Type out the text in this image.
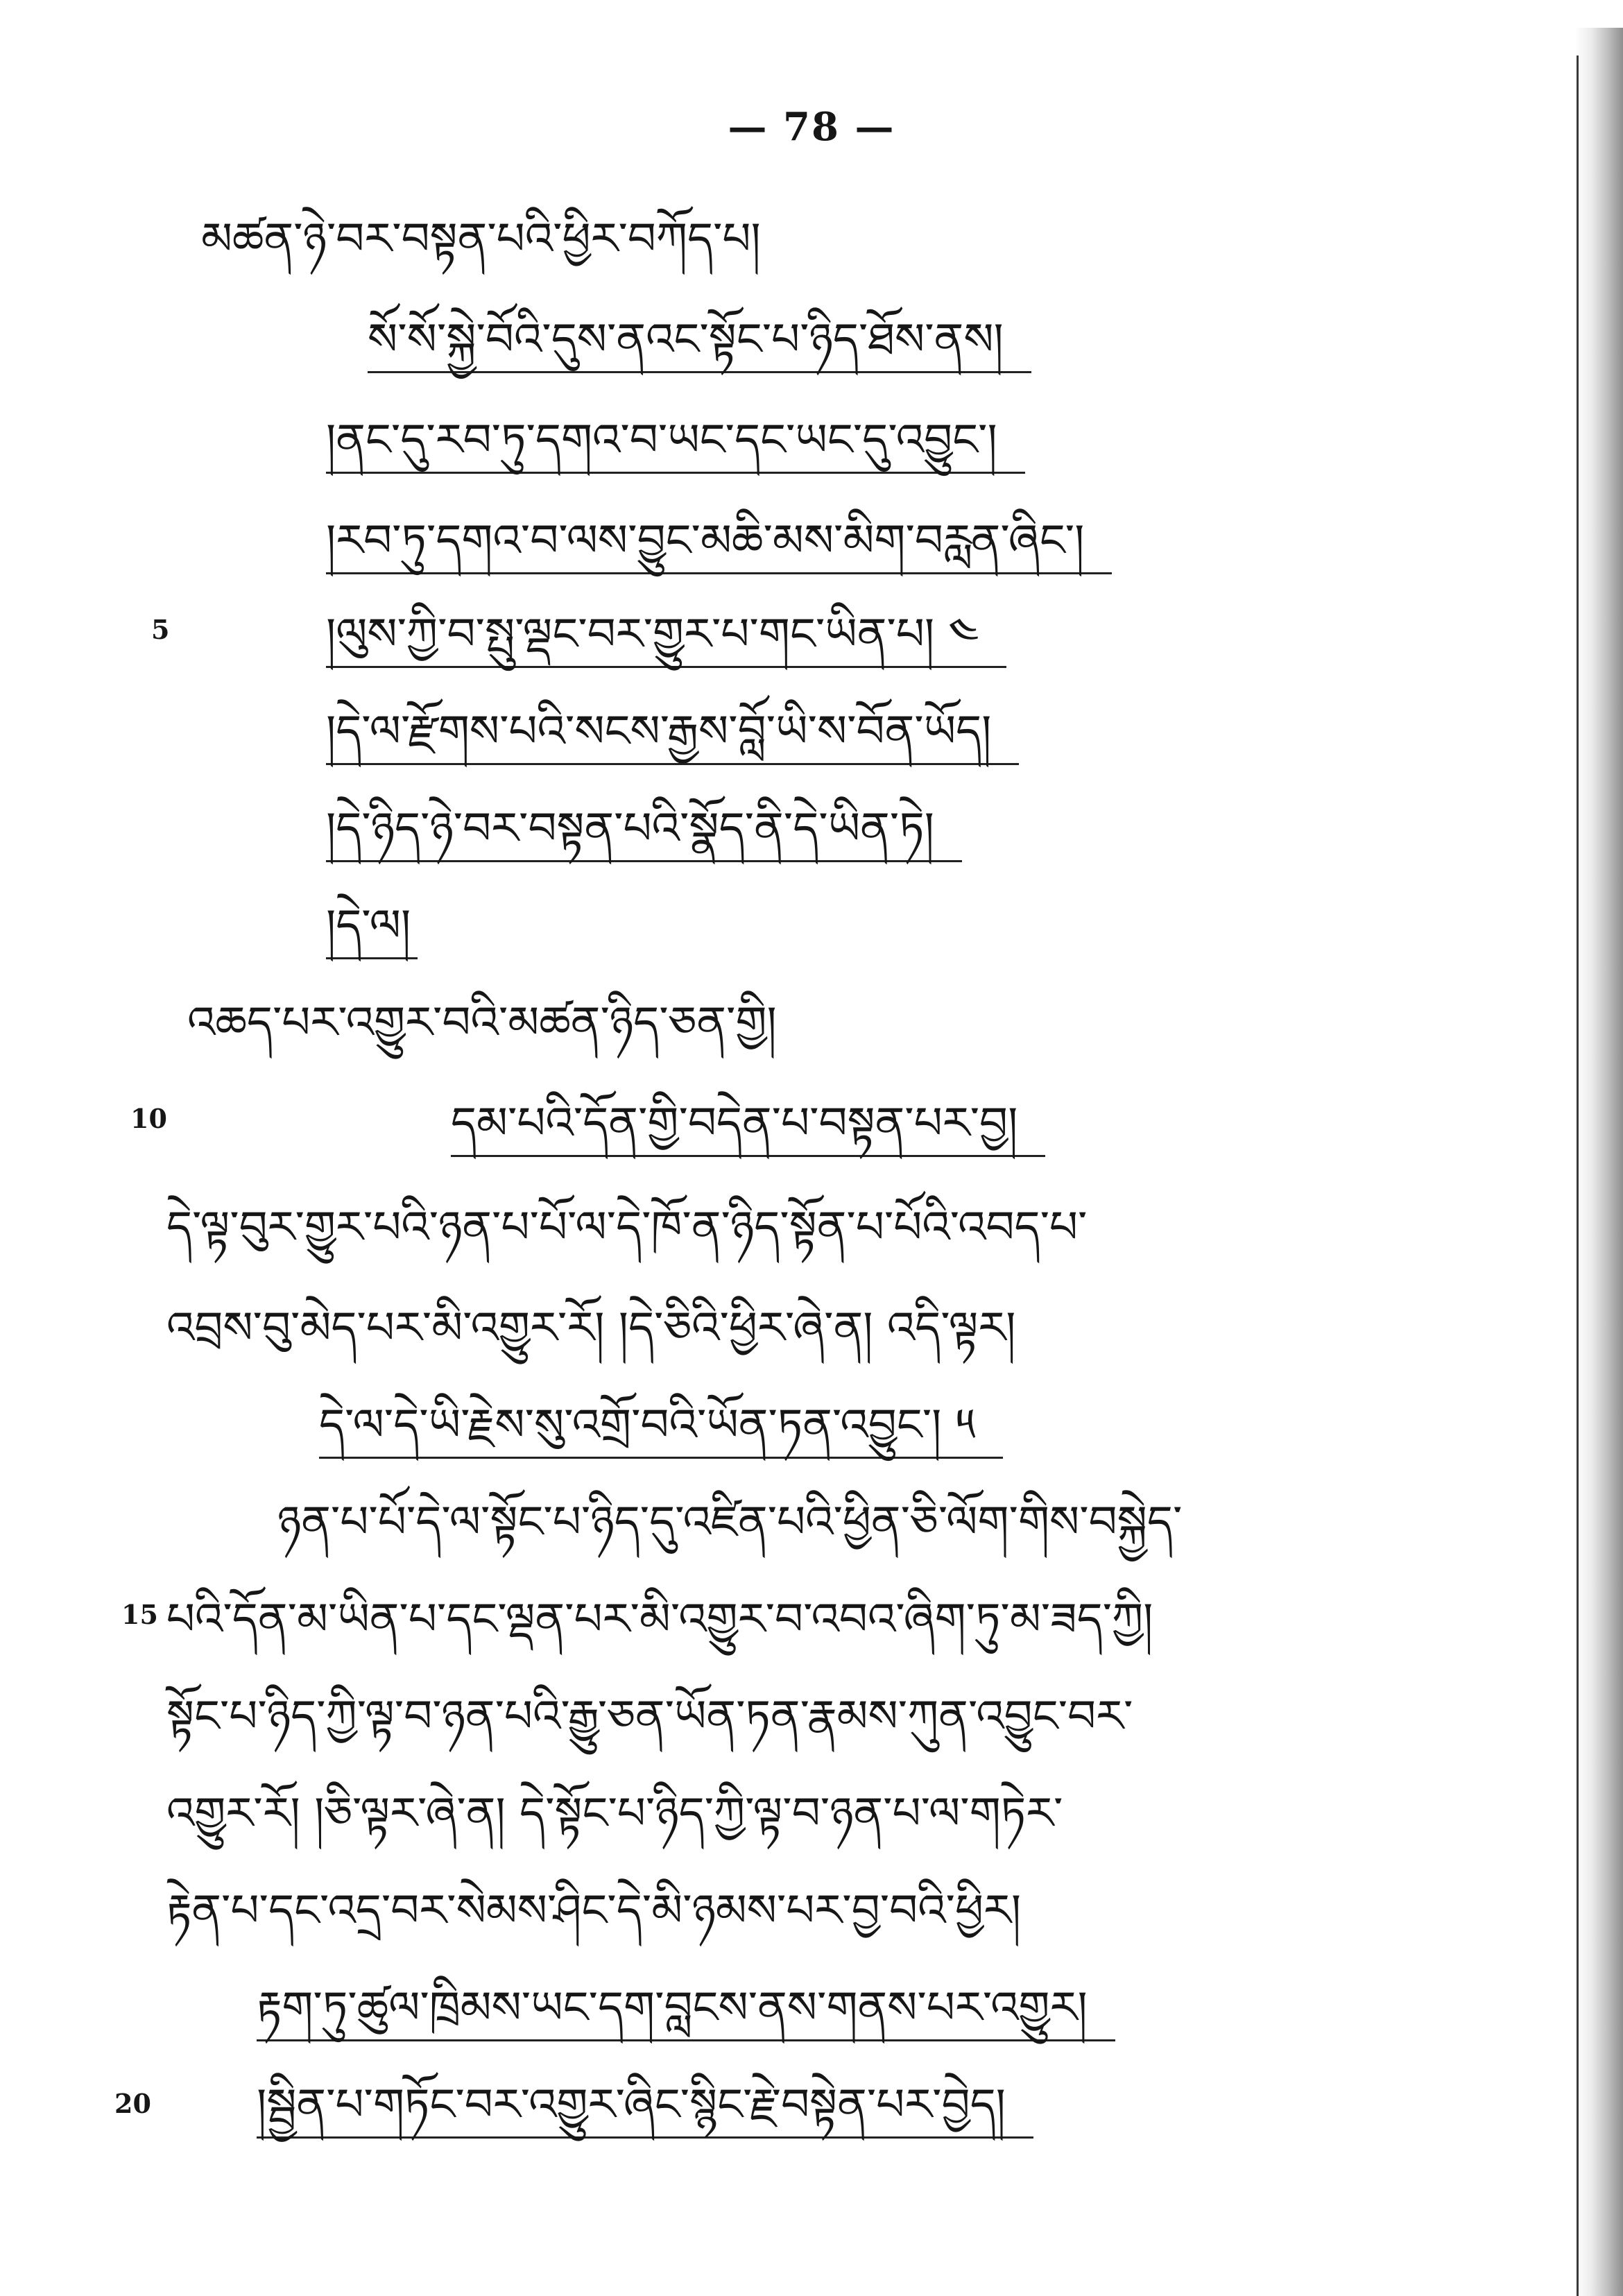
— 78 —
མཚན་ཉེ་བར་བསྟན་པའི་ཕྱིར་བཀོད་པ།
སོ་སོ་སྐྱེ་བོའི་དུས་ནའང་སྟོང་པ་ཉིད་ཐོས་ནས།
།ནང་དུ་རབ་ཏུ་དགའ་བ་ཡང་དང་ཡང་དུ་འབྱུང་།
།རབ་ཏུ་དགའ་བ་ལས་བྱུང་མཆི་མས་མིག་བརླན་ཞིང་།
5	།ལུས་ཀྱི་བ་སྤུ་ལྡང་བར་གྱུར་པ་གང་ཡིན་པ། ༤
།དེ་ལ་རྫོགས་པའི་སངས་རྒྱས་བློ་ཡི་ས་བོན་ཡོད།
།དེ་ཉིད་ཉེ་བར་བསྟན་པའི་སྣོད་ནི་དེ་ཡིན་ཏེ།
།དེ་ལ།
འཆད་པར་འགྱུར་བའི་མཚན་ཉིད་ཅན་གྱི།
10	དམ་པའི་དོན་གྱི་བདེན་པ་བསྟན་པར་བྱ།
དེ་ལྟ་བུར་གྱུར་པའི་ཉན་པ་པོ་ལ་དེ་ཁོ་ན་ཉིད་སྟོན་པ་པོའི་འབད་པ་
འབྲས་བུ་མེད་པར་མི་འགྱུར་རོ། །དེ་ཅིའི་ཕྱིར་ཞེ་ན། འདི་ལྟར།
དེ་ལ་དེ་ཡི་རྗེས་སུ་འགྲོ་བའི་ཡོན་ཏན་འབྱུང་། ༥
ཉན་པ་པོ་དེ་ལ་སྟོང་པ་ཉིད་དུ་འཛིན་པའི་ཕྱིན་ཅི་ལོག་གིས་བསྐྱེད་
15 པའི་དོན་མ་ཡིན་པ་དང་ལྡན་པར་མི་འགྱུར་བ་འབའ་ཞིག་ཏུ་མ་ཟད་ཀྱི།
སྟོང་པ་ཉིད་ཀྱི་ལྟ་བ་ཉན་པའི་རྒྱུ་ཅན་ཡོན་ཏན་རྣམས་ཀུན་འབྱུང་བར་
འགྱུར་རོ། །ཅི་ལྟར་ཞེ་ན། དེ་སྟོང་པ་ཉིད་ཀྱི་ལྟ་བ་ཉན་པ་ལ་གཏེར་
རྟེན་པ་དང་འདྲ་བར་སེམས་ཤིང་དེ་མི་ཉམས་པར་བྱ་བའི་ཕྱིར།
རྟག་ཏུ་ཚུལ་ཁྲིམས་ཡང་དག་བླངས་ནས་གནས་པར་འགྱུར།
20 །སྦྱིན་པ་གཏོང་བར་འགྱུར་ཞིང་སྙིང་རྗེ་བསྟེན་པར་བྱེད།
